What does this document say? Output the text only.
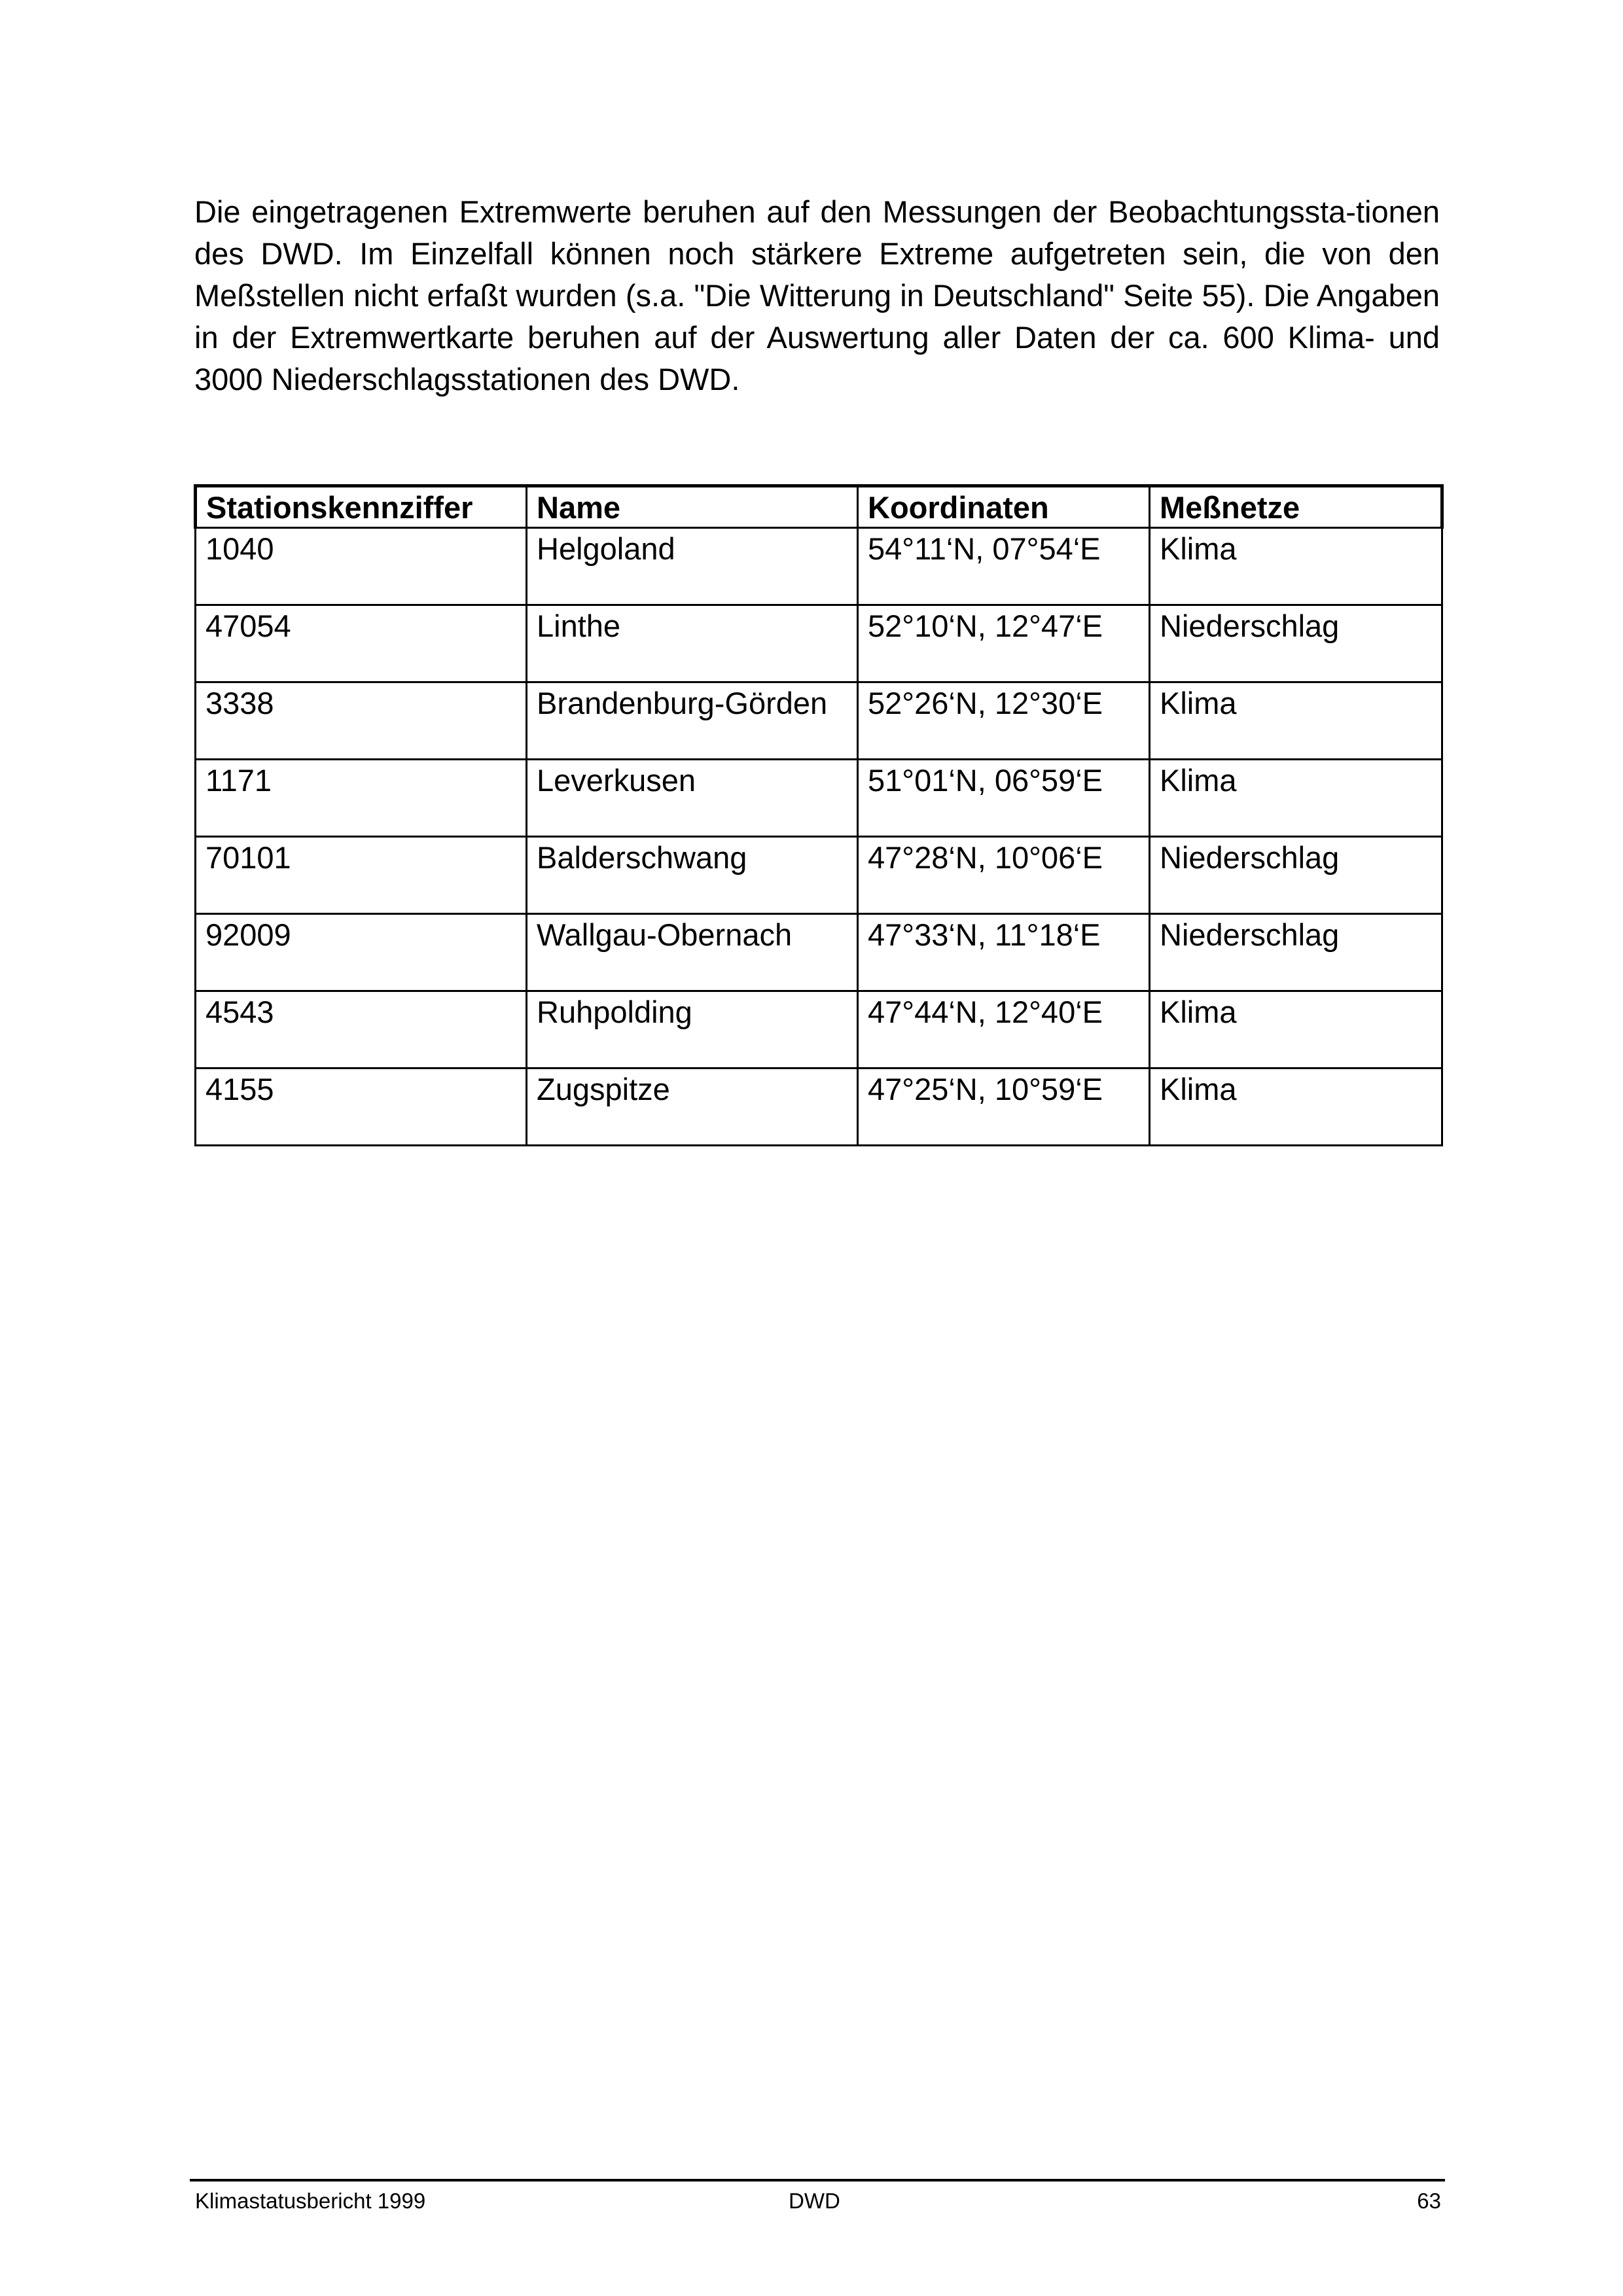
Die eingetragenen Extremwerte beruhen auf den Messungen der Beobachtungssta-tionen des DWD. Im Einzelfall können noch stärkere Extreme aufgetreten sein, die von den Meßstellen nicht erfaßt wurden (s.a. "Die Witterung in Deutschland" Seite 55). Die Angaben in der Extremwertkarte beruhen auf der Auswertung aller Daten der ca. 600 Klima- und 3000 Niederschlagsstationen des DWD.

Stationskennziffer	Name	Koordinaten	Meßnetze
1040	Helgoland	54°11‘N, 07°54‘E	Klima
47054	Linthe	52°10‘N, 12°47‘E	Niederschlag
3338	Brandenburg-Görden	52°26‘N, 12°30‘E	Klima
1171	Leverkusen	51°01‘N, 06°59‘E	Klima
70101	Balderschwang	47°28‘N, 10°06‘E	Niederschlag
92009	Wallgau-Obernach	47°33‘N, 11°18‘E	Niederschlag
4543	Ruhpolding	47°44‘N, 12°40‘E	Klima
4155	Zugspitze	47°25‘N, 10°59‘E	Klima
Klimastatusbericht 1999	DWD	63
